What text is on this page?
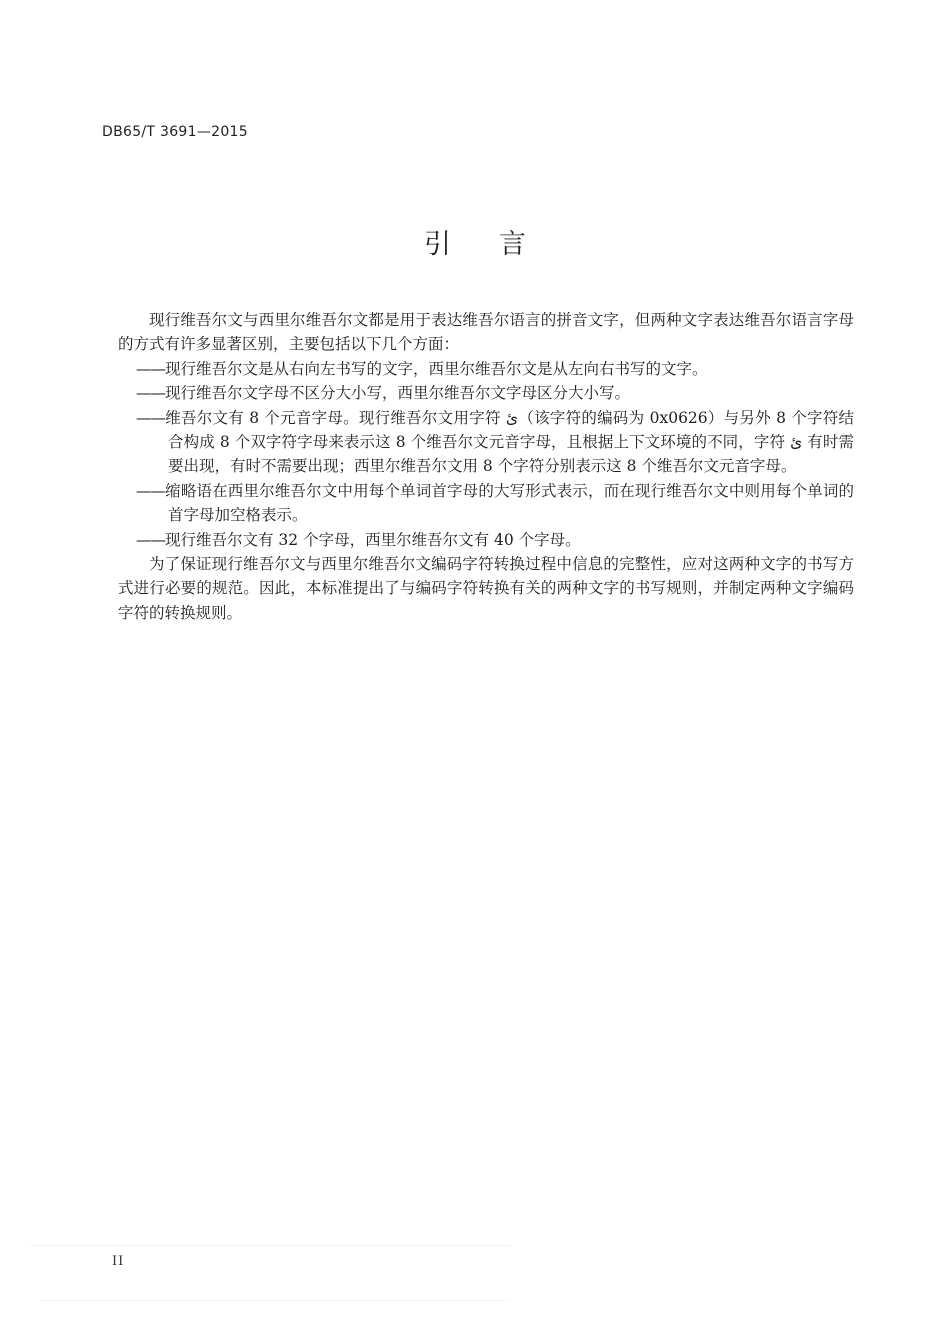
DB65/T 3691—2015
引言

现行维吾尔文与西里尔维吾尔文都是用于表达维吾尔语言的拼音文字，但两种文字表达维吾尔语言字母的方式有许多显著区别，主要包括以下几个方面：

——现行维吾尔文是从右向左书写的文字，西里尔维吾尔文是从左向右书写的文字。

——现行维吾尔文字母不区分大小写，西里尔维吾尔文字母区分大小写。

——维吾尔文有 8 个元音字母。现行维吾尔文用字符 ئ（该字符的编码为 0x0626）与另外 8 个字符结合构成 8 个双字符字母来表示这 8 个维吾尔文元音字母，且根据上下文环境的不同，字符 ئ 有时需要出现，有时不需要出现；西里尔维吾尔文用 8 个字符分别表示这 8 个维吾尔文元音字母。

——缩略语在西里尔维吾尔文中用每个单词首字母的大写形式表示，而在现行维吾尔文中则用每个单词的首字母加空格表示。

——现行维吾尔文有 32 个字母，西里尔维吾尔文有 40 个字母。

为了保证现行维吾尔文与西里尔维吾尔文编码字符转换过程中信息的完整性，应对这两种文字的书写方式进行必要的规范。因此，本标准提出了与编码字符转换有关的两种文字的书写规则，并制定两种文字编码字符的转换规则。

II
